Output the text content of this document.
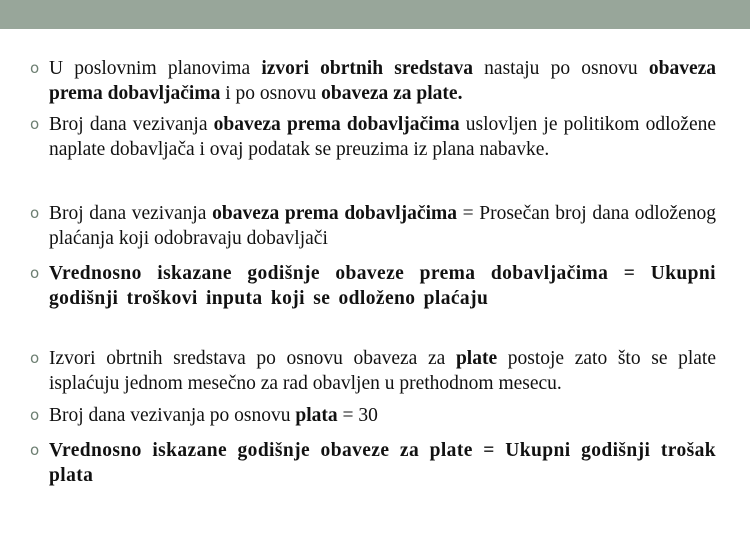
o U poslovnim planovima izvori obrtnih sredstava nastaju po osnovu obaveza prema dobavljačima i po osnovu obaveza za plate.
o Broj dana vezivanja obaveza prema dobavljačima uslovljen je politikom odložene naplate dobavljača i ovaj podatak se preuzima iz plana nabavke.
o Broj dana vezivanja obaveza prema dobavljačima = Prosečan broj dana odloženog plaćanja koji odobravaju dobavljači
o Vrednosno iskazane godišnje obaveze prema dobavljačima = Ukupni godišnji troškovi inputa koji se odloženo plaćaju
o Izvori obrtnih sredstava po osnovu obaveza za plate postoje zato što se plate isplaćuju jednom mesečno za rad obavljen u prethodnom mesecu.
o Broj dana vezivanja po osnovu plata = 30
o Vrednosno iskazane godišnje obaveze za plate = Ukupni godišnji trošak plata
